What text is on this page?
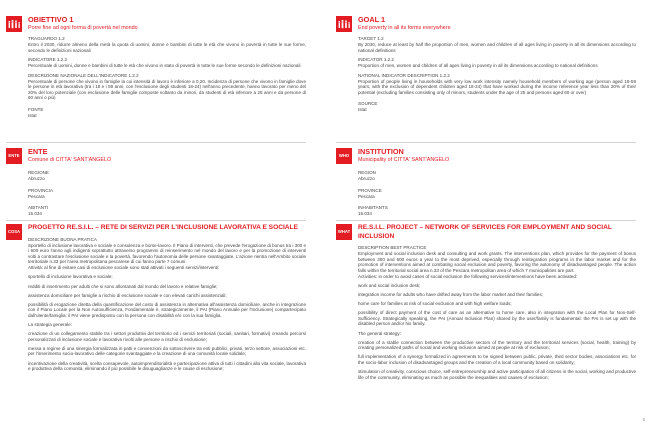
OBIETTIVO 1
Porre fine ad ogni forma di povertà nel mondo
TRAGUARDO 1.2
Entro il 2030, ridurre almeno della metà la quota di uomini, donne e bambini di tutte le età che vivono in povertà in tutte le sue forme, secondo le definizioni nazionali
INDICATORE 1.2.2
Percentuale di uomini, donne e bambini di tutte le età che vivono in stato di povertà in tutte le sue forme secondo le definizioni nazionali
DESCRIZIONE NAZIONALE DELL'INDICATORE 1.2.2
Percentuale di persone che vivono in famiglie la cui intensità di lavoro è inferiore a 0,20. Incidenza di persone che vivono in famiglie dove le persone in età lavorativa (tra i 18 e i 59 anni, con l'esclusione degli studenti 18-24) nell'anno precedente, hanno lavorato per meno del 20% del loro potenziale (con esclusione delle famiglie composte soltanto da minori, da studenti di età inferiore a 25 anni e da persone di 60 anni o più)
FONTE
Istat
ENTE	ENTE
Comune di CITTA' SANT'ANGELO
REGIONE
Abruzzo
PROVINCIA
Pescara
ABITANTI
15.034
COSA
PROGETTO RE.S.I.L. – RETE DI SERVIZI PER L'INCLUSIONE LAVORATIVA E SOCIALE
DESCRIZIONE BUONA PRATICA
Sportello di inclusione lavorativa e sociale e consulenza e borse-lavoro. Il Piano di interventi, che prevede l'erogazione di bonus tra i 300 e i 600 euro l'anno agli indigenti soprattutto attraverso programmi di reinserimento nel mondo del lavoro e per la promozione di interventi volti a contrastare l'esclusione sociale e la povertà, favorendo l'autonomia delle persone svantaggiate. L'azione rientra nell'Ambito sociale territoriale n.33 per l'area metropolitana pescarese di cui fanno parte 7 comuni.
Attività: al fine di evitare casi di esclusione sociale sono stati attivati i seguenti servizi/interventi:
sportello di inclusione lavorativa e sociale;
redditi di inserimento per adulti che si sono allontanati dal mondo del lavoro e relative famiglie;
assistenza domiciliare per famiglie a rischio di esclusione sociale e con elevati carichi assistenziali;
possibilità di erogazione diretta della quantificazione del costo di assistenza in alternativa all'assistenza domiciliare, anche in integrazione con il Piano Locale per la Non Autosufficienza, Fondamentale è, strategicamente, il PAI (Piano Annuale per l'Inclusione) compartecipato dall'utente/famiglia: il PAI viene predisposto con la persona con disabilità e/o con la sua famiglia.
La strategia generale:
creazione di un collegamento stabile tra i settori produttivi del territorio ed i servizi territoriali (sociali, sanitari, formativi) creando percorsi personalizzati di inclusione sociale e lavorativa rivolti alle persone a rischio di esclusione;
messa a regime di una sinergia formalizzata in patti e convenzioni da sottoscrivere tra enti pubblici, privati, terzo settore, associazioni etc. per l'inserimento socio-lavorativo delle categorie svantaggiate e la creazione di una comunità locale solidale;
incentivazione della creatività, scelta consapevole, autoimprenditorialità e partecipazione attiva di tutti i cittadini alla vita sociale, lavorativa e produttiva della comunità, eliminando il più possibile le disuguaglianze e le cause di esclusione;
GOAL 1
End poverty in all its forms everywhere
TARGET 1.2
By 2030, reduce at least by half the proportion of men, women and children of all ages living in poverty in all its dimensions according to national definitions
INDICATOR 1.2.2
Proportion of men, women and children of all ages living in poverty in all its dimensions according to national definitions
NATIONAL INDICATOR DESCRIPTION 1.2.2
Proportion of people living in households with very low work intensity namely household members of working age (person aged 18-59 years, with the exclusion of dependent children aged 18-24) that have worked during the income reference year less than 20% of their potential (excluding families consisting only of minors, students under the age of 25 and persons aged 60 or over)
SOURCE
Istat
WHO	INSTITUTION
Municipality of CITTA' SANT'ANGELO
REGION
Abruzzo
PROVINCE
Pescara
INHABITANTS
15.034
WHAT
RE.S.I.L. PROJECT – NETWORK OF SERVICES FOR EMPLOYMENT AND SOCIAL INCLUSION
DESCRIPTION BEST PRACTICE
Employment and social inclusion desk and consulting and work grants. The interventions plan, which provides for the payment of bonus between 300 and 600 euros a year to the most deprived, especially through reintegration programs in the labor market and for the promotion of interventions aimed at combating social exclusion and poverty, favoring the autonomy of disadvantaged people. The action falls within the territorial social area n.33 of the Pescara metropolitan area of which 7 municipalities are part.
Activities: in order to avoid cases of social exclusion the following services/interventions have been activated:
work and social inclusion desk;
integration income for adults who have drifted away from the labor market and their families;
home care for families at risk of social exclusion and with high welfare loads;
possibility of direct payment of the cost of care as an alternative to home care, also in integration with the Local Plan for Non-Self-Sufficiency. Strategically speaking, the PAI (Annual Inclusion Plan) shared by the user/family is fundamental: the PAI is set up with the disabled person and/or his family.
The general strategy:
creation of a stable connection between the productive sectors of the territory and the territorial services (social, health, training) by creating personalized paths of social and working inclusion aimed at people at risk of exclusion;
full implementation of a synergy formalized in agreements to be signed between public, private, third sector bodies, associations etc. for the socio-labor inclusion of disadvantaged groups and the creation of a local community based on solidarity;
stimulation of creativity, conscious choice, self-entrepreneurship and active participation of all citizens in the social, working and productive life of the community, eliminating as much as possible the inequalities and causes of exclusion;
5
